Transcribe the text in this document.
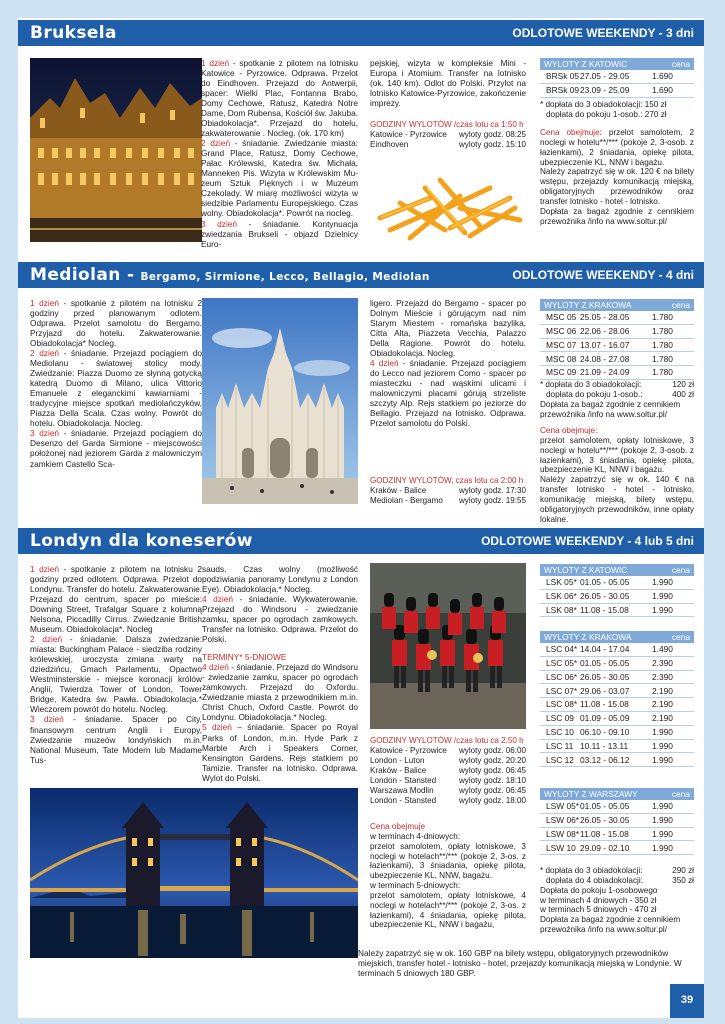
Bruksela	ODLOTOWE WEEKENDY - 3 dni

1 dzień - spotkanie z pilotem na lotnisku Katowice - Pyrzowice. Odprawa. Przelot do Eindhoven. Przejazd do Antwerpii, spacer: Wielki Plac, Fontanna Brabo, Domy Cechowe, Ratusz, Katedra Notre Dame, Dom Rubensa, Kościół św. Jakuba. Obiadokolacja*. Przejazd do hotelu, zakwaterowanie . Nocleg. (ok. 170 km)

2 dzień - śniadanie. Zwiedzanie miasta: Grand Place, Ratusz, Domy Cechowe, Pałac Królewski, Katedra św. Michała, Manneken Pis. Wizyta w Królewskim Mu-zeum Sztuk Pięknych i w Muzeum Czekolady. W miarę możliwości wizyta w siedzibie Parlamentu Europejskiego. Czas wolny. Obiadokolacja*. Powrót na nocleg.

3 dzień - śniadanie. Kontynuacja zwiedzania Brukseli - objazd Dzielnicy Euro-

pejskiej, wizyta w kompleksie Mini - Europa i Atomium. Transfer na lotnisko (ok. 140 km). Odlot do Polski. Przylot na lotnisko Katowice-Pyrzowice, zakończenie imprezy.

GODZINY WYLOTÓW /czas lotu ca 1:50 h
Katowice - Pyrzowice	wyloty godz. 08:25
Eindhoven	wyloty godz. 15:10
WYLOTY Z KATOWIC	cena
BRSk 05 27.05 - 29.05	1.690
BRSk 09 23.09 - 25.09	1.690
* dopłata do 3 obiadokolacji: 150 zł
dopłata do pokoju 1-osob.: 270 zł
Cena obejmuje: przelot samolotem, 2 noclegi w hotelu**/*** (pokoje 2, 3-osob. z łazienkami), 2 śniadania, opiekę pilota, ubezpieczenie KL, NNW i bagażu.
Należy zapatrzyć się w ok. 120 € na bilety wstępu, przejazdy komunikacją miejską, obligatoryjnych przewodników oraz transfer lotnisko - hotel - lotnisko.
Dopłata za bagaż zgodnie z cennikiem przewoźnika /info na www.soltur.pl/
Mediolan - Bergamo, Sirmione, Lecco, Bellagio, Mediolan	ODLOTOWE WEEKENDY - 4 dni

1 dzień - spotkanie z pilotem na lotnisku 2 godziny przed planowanym odlotem. Odprawa. Przelot samolotu do Bergamo. Przyjazd do hotelu. Zakwaterowanie. Obiadokolacja* Nocleg.

2 dzień - śniadanie. Przejazd pociągiem do Mediolanu - światowej stolicy mody. Zwiedzanie: Piazza Duomo ze słynną gotycką katedrą Duomo di Milano, ulica Vittorio Emanuele z eleganckimi kawiarniami - tradycyjne miejsce spotkań mediolańczyków, Piazza Della Scala. Czas wolny. Powrót do hotelu. Obiadokolacja. Nocleg.

3 dzień - śniadanie. Przejazd pociągiem do Desenzo del Garda Sirmione - miejscowości położonej nad jeziorem Garda z malowniczym zamkiem Castello Sca-

ligero. Przejazd do Bergamo - spacer po Dolnym Mieście i górującym nad nim Starym Miestem - romańska bazylika, Citta Alta, Piazzeta Vecchia, Palazzo Della Ragione. Powrót do hotelu. Obiadokolacja. Nocleg.

4 dzień - śniadanie. Przejazd pociągiem do Lecco nad jeziorem Como - spacer po miasteczku - nad wąskimi ulicami i malowniczymi placami górują strzeliste szczyty Alp. Rejs statkiem po jeziorze do Bellagio. Przejazd na lotnisko. Odprawa. Przelot samolotu do Polski.

GODZINY WYLOTÓW, czas lotu ca 2:00 h
Kraków - Balice	wyloty godz. 17:30
Mediolan - Bergamo	wyloty godz. 19:55
WYLOTY Z KRAKOWA	cena
MSC 05 25.05 - 28.05	1.780
MSC 06 22.06 - 28.06	1.780
MSC 07 13.07 - 16.07	1.780
MSC 08 24.08 - 27.08	1.780
MSC 09 21.09 - 24.09	1.780
* dopłata do 3 obiadokolacji:	120 zł
dopłata do pokoju 1-osob.:	400 zł
Dopłata za bagaż zgodnie z cennikiem przewoźnika /info na www.soltur.pl/
Cena obejmuje:
przelot samolotem, opłaty lotniskowe, 3 noclegi w hotelu**/*** (pokoje 2, 3-osob. z łazienkami), 3 śniadania, opiekę pilota, ubezpieczenie KL, NNW i bagażu.
Należy zapatrzyć się w ok. 140 € na transfer lotnisko - hotel - lotnisko, komunikację miejską, bilety wstępu, obligatoryjnych przewodników, inne opłaty lokalne.
Londyn dla koneserów	ODLOTOWE WEEKENDY - 4 lub 5 dni

1 dzień - spotkanie z pilotem na lotnisku 2 godziny przed odlotem. Odprawa. Przelot do Londynu. Transfer do hotelu. Zakwaterowanie. Przejazd do centrum, spacer po mieście: Downing Street, Trafalgar Square z kolumną Nelsona, Piccadilly Cirrus. Zwiedzanie British Museum. Obiadokolacja*. Nocleg

2 dzień - śniadanie. Dalsza zwiedzanie: miasta: Buckingham Palace - siedziba rodziny królewskiej, uroczysta zmiana warty na dziedzińcu, Gmach Parlamentu, Opactwo Westminsterskie - miejsce koronacji królów Anglii, Twierdza Tower of London, Tower Bridge, Katedra św. Pawła. Obiadokolacja.* Wieczorem powrót do hotelu. Nocleg.

3 dzień - śniadanie. Spacer po City, finansowym centrum Anglii i Europy, Zwiedzanie muzeów londyńskich m.in. National Museum, Tate Modern lub Madame Tus-

sauds. Czas wolny (możliwość podziwiania panoramy Londynu z London Eye). Obiadokolacja.* Nocleg.

4 dzień - śniadanie. Wykwaterowanie. Przejazd do Windsoru - zwiedzanie zamku, spacer po ogrodach zamkowych. Transfer na lotnisko. Odprawa. Przelot do Polski.

TERMINY* 5-DNIOWE

4 dzień - śniadanie. Przejazd do Windsoru - zwiedzanie zamku, spacer po ogrodach zamkowych. Przejazd do Oxfordu. Zwiedzanie miasta z przewodnikiem m.in. Christ Chuch, Oxford Castle. Powrót do Londynu. Obiadokolacja.* Nocleg.

5 dzień – śniadanie. Spacer po Royal Parks of London, m.in. Hyde Park z Marble Arch i Speakers Corner, Kensington Gardens. Rejs statkiem po Tamizie. Transfer na lotnisko. Odprawa. Wylot do Polski.

GODZINY WYLOTÓW /czas lotu ca 2:50 h
Katowice - Pyrzowice	wyloty godz. 06:00
London - Luton	wyloty godz. 20:20
Kraków - Balice	wyloty godz. 06:45
London - Stansted	wyloty godz. 18:10
Warszawa Modlin	wyloty godz. 06:45
London - Stansted	wyloty godz. 18:00
Cena obejmuje
w terminach 4-dniowych:
przelot samolotem, opłaty lotniskowe, 3 noclegi w hotelach**/*** (pokoje 2, 3-os. z łazienkami), 3 śniadania, opiekę pilota, ubezpieczenie KL, NNW, bagażu.
w terminach 5-dniowych:
przelot samolotem, opłaty lotniskowe, 4 noclegi w hotelach**/*** (pokoje 2, 3-os. z łazienkami), 4 śniadania, opiekę pilota, ubezpieczenie KL, NNW i bagażu,
WYLOTY Z KATOWIC	cena
LSK 05* 01.05 - 05.05	1.990
LSK 06* 26.05 - 30.05	1.990
LSK 08* 11.08 - 15.08	1.990
WYLOTY Z KRAKOWA	cena
LSC 04* 14.04 - 17.04	1.490
LSC 05* 01.05 - 05.05	2.390
LSC 06* 26.05 - 30.05	2.390
LSC 07* 29.06 - 03.07	2.190
LSC 08* 11.08 - 15.08	2.190
LSC 09 01.09 - 05.09	2.190
LSC 10 06.10 - 09.10	1.990
LSC 11 10.11 - 13.11	1.990
LSC 12 03.12 - 06.12	1.990
WYLOTY Z WARSZAWY	cena
LSW 05* 01.05 - 05.05	1.990
LSW 06* 26.05 - 30.05	1.990
LSW 08* 11.08 - 15.08	1.990
LSW 10 29.09 - 02.10	1.990
* dopłata do 3 obiadokolacji:	290 zł
dopłata do 4 obiadokolacji:	350 zł
Dopłata do pokoju 1-osobowego
w terminach 4 dniowych - 350 zł
w terminach 5 dniowych - 470 zł
Dopłata za bagaż zgodnie z cennikiem przewoźnika /info na www.soltur.pl/
Należy zapatrzyć się w ok. 160 GBP na bilety wstępu, obligatoryjnych przewodników miejskich, transfer hotel - lotnisko - hotel, przejazdy komunikacją miejską w Londynie. W terminach 5 dniowych 180 GBP.
39
